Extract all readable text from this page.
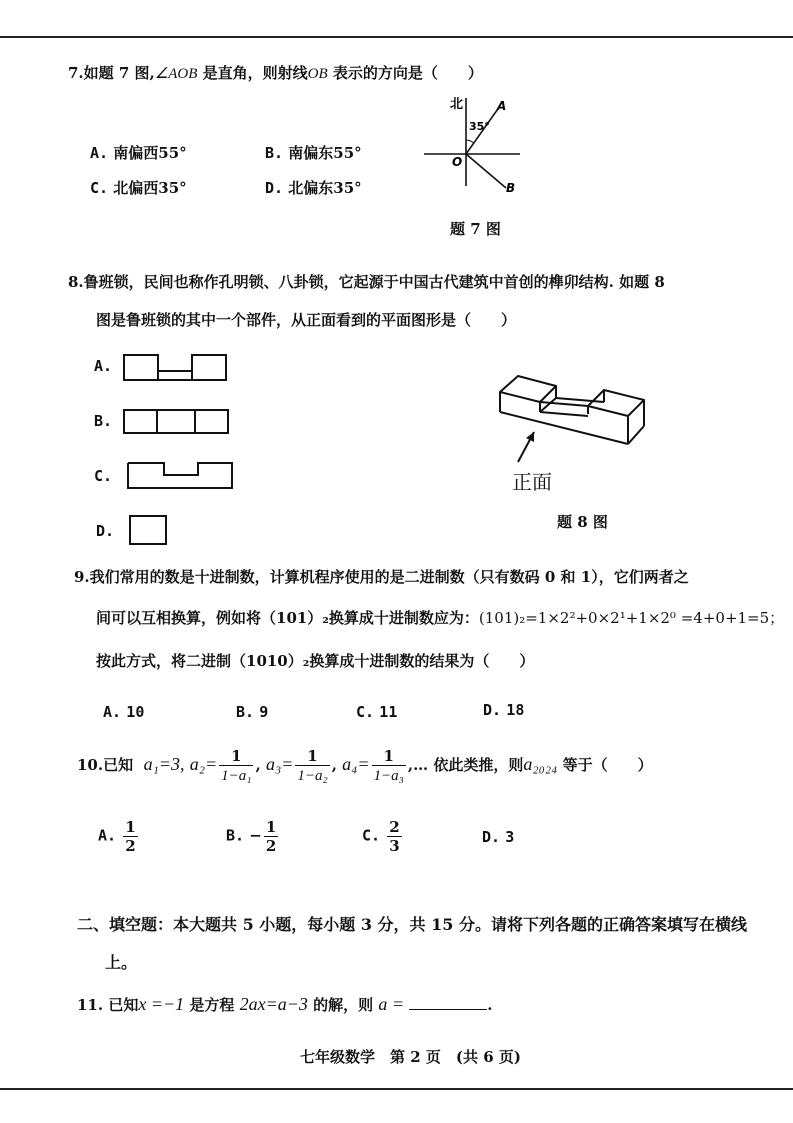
7.如题 7 图,∠AOB 是直角，则射线OB 表示的方向是（　　）
A. 南偏西55°	B. 南偏东55°
C. 北偏西35°	D. 北偏东35°
北
35°
A
O
B
题 7 图
8.鲁班锁，民间也称作孔明锁、八卦锁，它起源于中国古代建筑中首创的榫卯结构. 如题 8
图是鲁班锁的其中一个部件，从正面看到的平面图形是（　　）
A.
B.
C.
D.
正面
题 8 图
9.我们常用的数是十进制数，计算机程序使用的是二进制数（只有数码 0 和 1），它们两者之
间可以互相换算，例如将（101）₂换算成十进制数应为：(101)₂=1×2²+0×2¹+1×2⁰ =4+0+1=5；
按此方式，将二进制（1010）₂换算成十进制数的结果为（　　）
A. 10	B. 9	C. 11	D. 18
10.已知 a₁=3, $a_2= \frac{1}{\text{1−a₁}}$ , $a_3= \frac{1}{\text{1−a₂}}$ , $a_4= \frac{1}{\text{1−a₃}}$ ,… 依此类推，则a₂₀₂₄ 等于（　　）
A. $\frac{1}{2}$	B. − $\frac{1}{2}$	C. $\frac{2}{3}$	D. 3
二、填空题：本大题共 5 小题，每小题 3 分，共 15 分。请将下列各题的正确答案填写在横线
上。
11. 已知x =−1 是方程 2ax=a−3 的解，则 a =	.
七年级数学　第 2 页　(共 6 页)
